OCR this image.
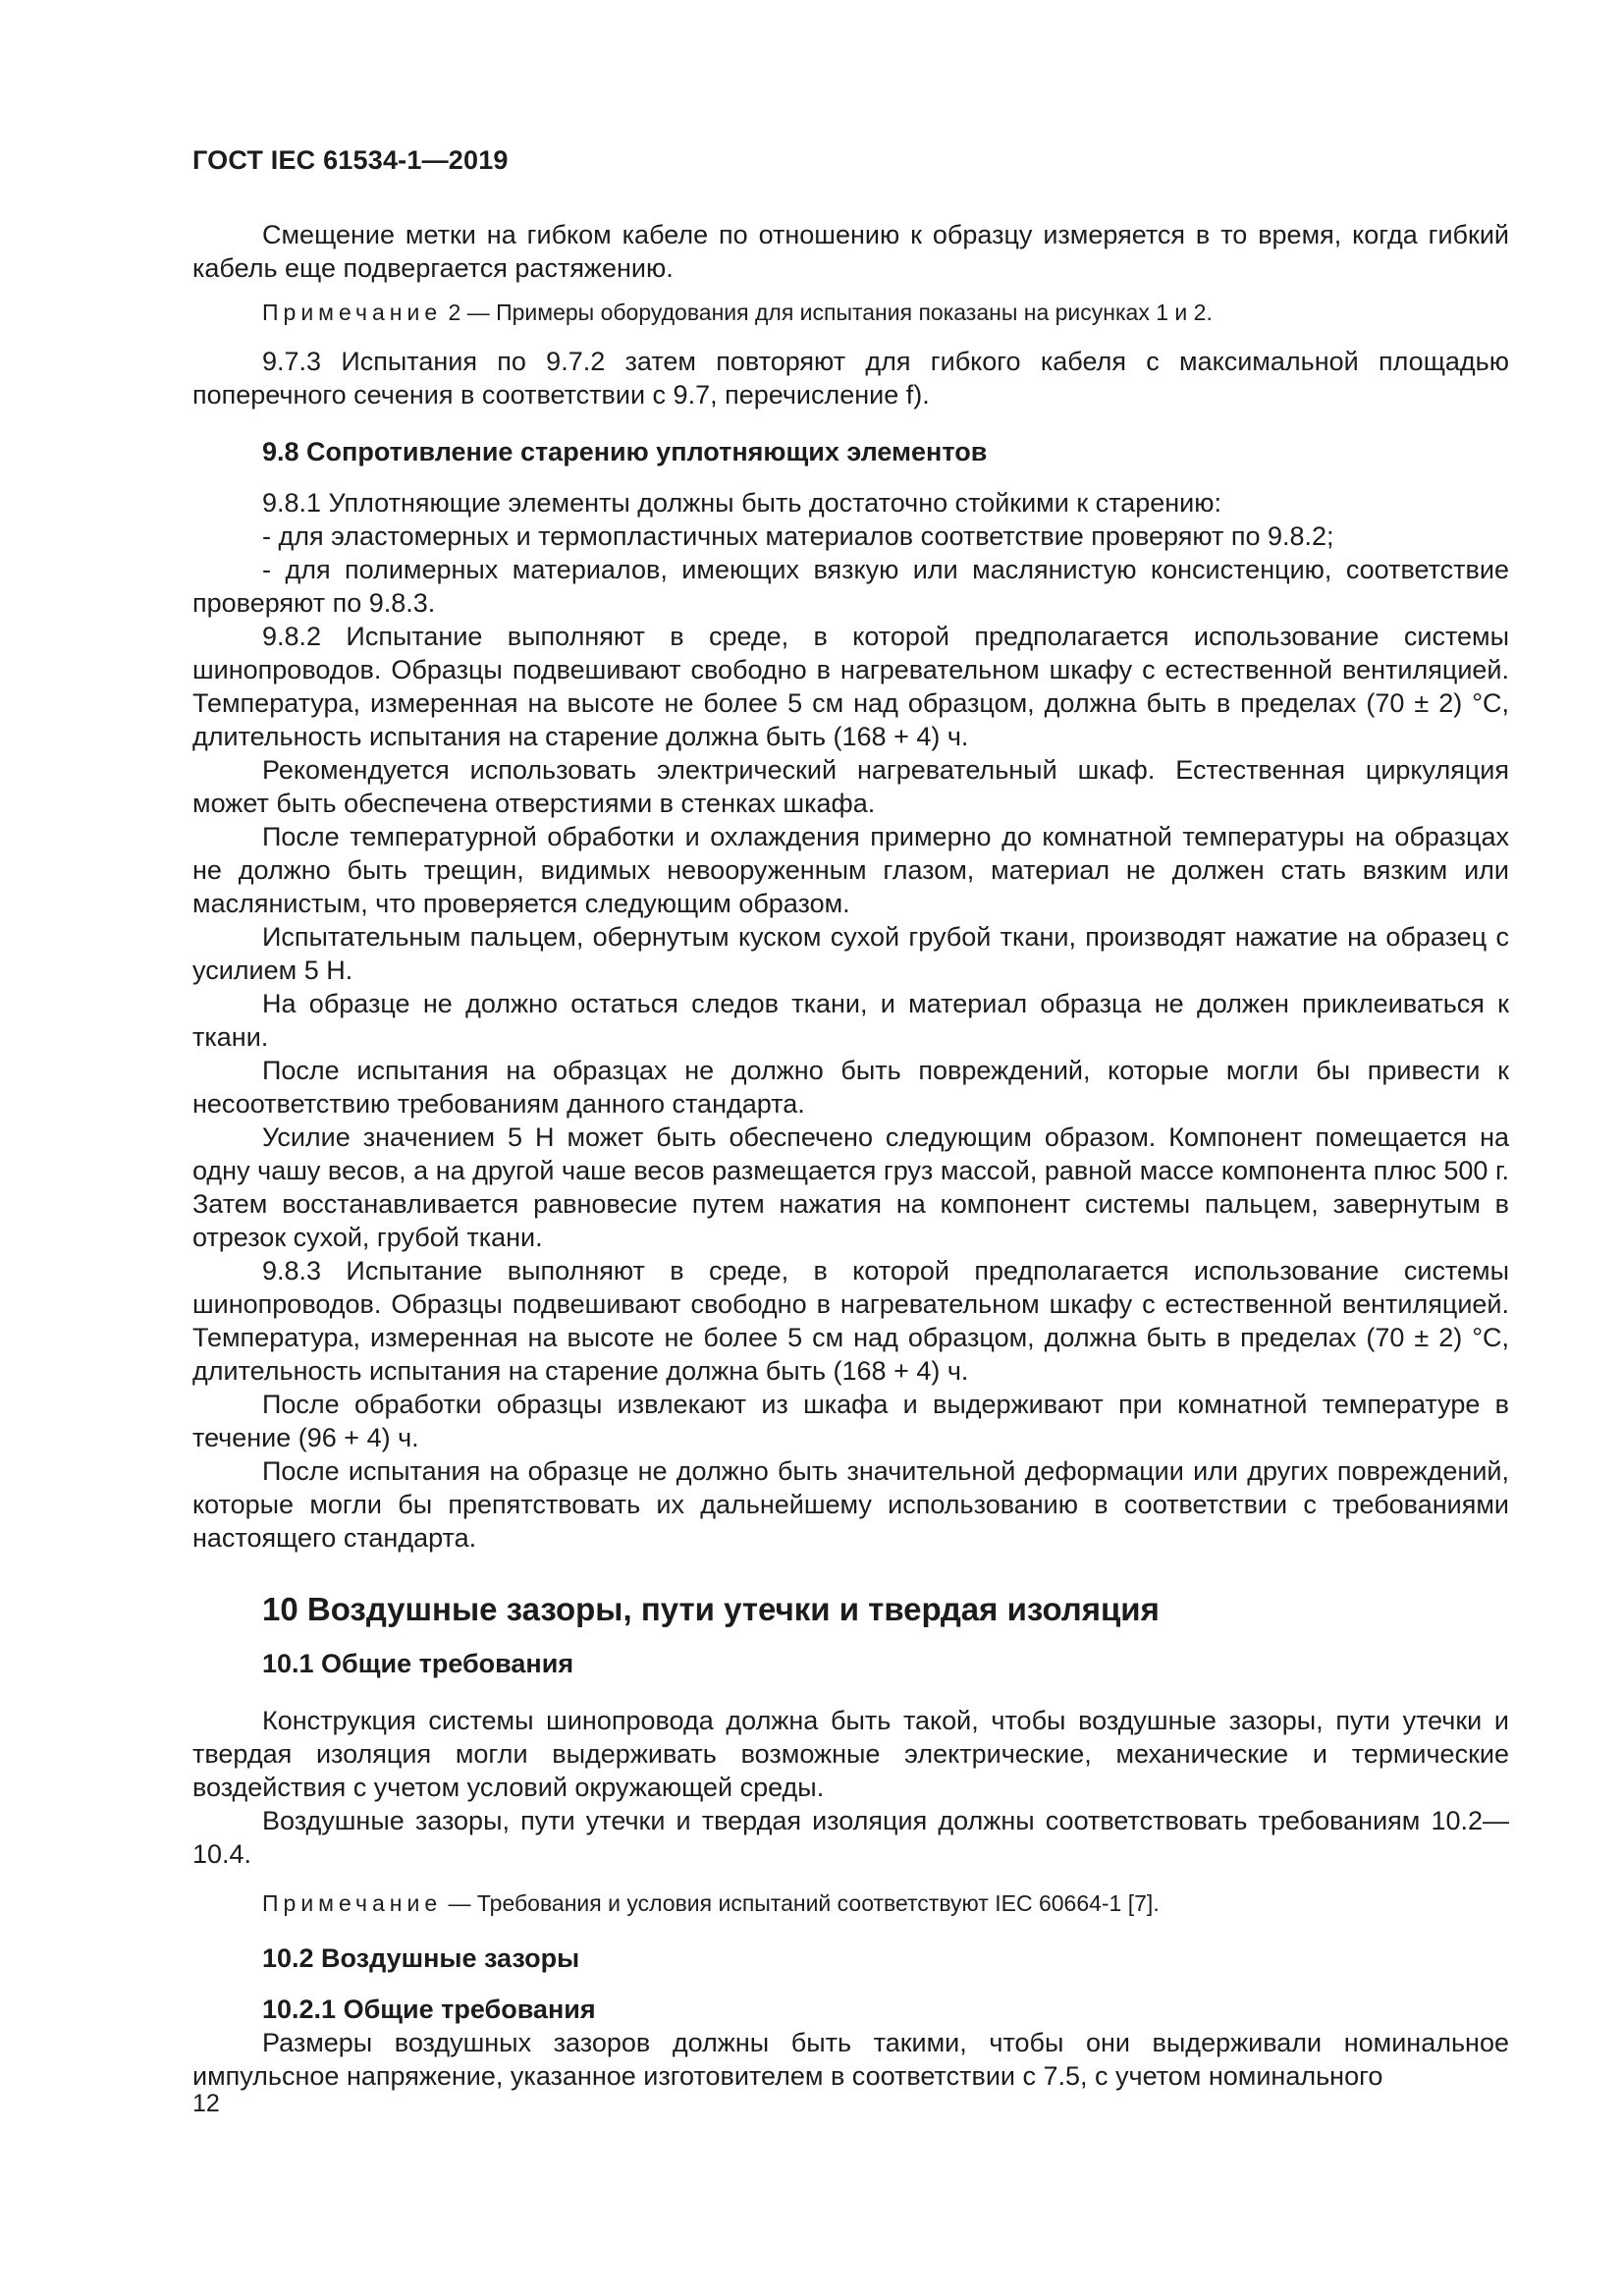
ГОСТ IEC 61534-1—2019

Смещение метки на гибком кабеле по отношению к образцу измеряется в то время, когда гибкий кабель еще подвергается растяжению.

Примечание 2 — Примеры оборудования для испытания показаны на рисунках 1 и 2.

9.7.3 Испытания по 9.7.2 затем повторяют для гибкого кабеля с максимальной площадью поперечного сечения в соответствии с 9.7, перечисление f).

9.8 Сопротивление старению уплотняющих элементов

9.8.1 Уплотняющие элементы должны быть достаточно стойкими к старению:

- для эластомерных и термопластичных материалов соответствие проверяют по 9.8.2;

- для полимерных материалов, имеющих вязкую или маслянистую консистенцию, соответствие проверяют по 9.8.3.

9.8.2 Испытание выполняют в среде, в которой предполагается использование системы шинопроводов. Образцы подвешивают свободно в нагревательном шкафу с естественной вентиляцией. Температура, измеренная на высоте не более 5 см над образцом, должна быть в пределах (70 ± 2) °C, длительность испытания на старение должна быть (168 + 4) ч.

Рекомендуется использовать электрический нагревательный шкаф. Естественная циркуляция может быть обеспечена отверстиями в стенках шкафа.

После температурной обработки и охлаждения примерно до комнатной температуры на образцах не должно быть трещин, видимых невооруженным глазом, материал не должен стать вязким или маслянистым, что проверяется следующим образом.

Испытательным пальцем, обернутым куском сухой грубой ткани, производят нажатие на образец с усилием 5 Н.

На образце не должно остаться следов ткани, и материал образца не должен приклеиваться к ткани.

После испытания на образцах не должно быть повреждений, которые могли бы привести к несоответствию требованиям данного стандарта.

Усилие значением 5 Н может быть обеспечено следующим образом. Компонент помещается на одну чашу весов, а на другой чаше весов размещается груз массой, равной массе компонента плюс 500 г. Затем восстанавливается равновесие путем нажатия на компонент системы пальцем, завернутым в отрезок сухой, грубой ткани.

9.8.3 Испытание выполняют в среде, в которой предполагается использование системы шинопроводов. Образцы подвешивают свободно в нагревательном шкафу с естественной вентиляцией. Температура, измеренная на высоте не более 5 см над образцом, должна быть в пределах (70 ± 2) °C, длительность испытания на старение должна быть (168 + 4) ч.

После обработки образцы извлекают из шкафа и выдерживают при комнатной температуре в течение (96 + 4) ч.

После испытания на образце не должно быть значительной деформации или других повреждений, которые могли бы препятствовать их дальнейшему использованию в соответствии с требованиями настоящего стандарта.

10 Воздушные зазоры, пути утечки и твердая изоляция
10.1 Общие требования

Конструкция системы шинопровода должна быть такой, чтобы воздушные зазоры, пути утечки и твердая изоляция могли выдерживать возможные электрические, механические и термические воздействия с учетом условий окружающей среды.

Воздушные зазоры, пути утечки и твердая изоляция должны соответствовать требованиям 10.2—10.4.

Примечание — Требования и условия испытаний соответствуют IEC 60664-1 [7].

10.2 Воздушные зазоры
10.2.1 Общие требования

Размеры воздушных зазоров должны быть такими, чтобы они выдерживали номинальное импульсное напряжение, указанное изготовителем в соответствии с 7.5, с учетом номинального

12
